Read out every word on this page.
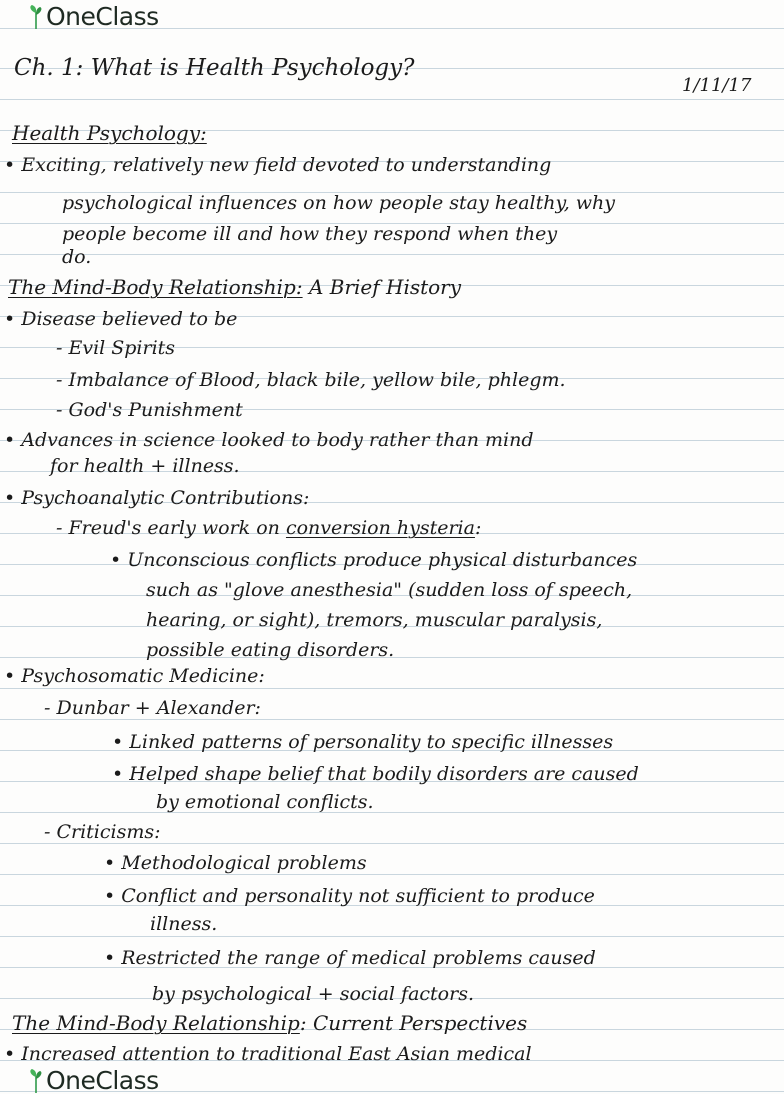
OneClass
Ch. 1: What is Health Psychology?
1/11/17
Health Psychology:
• Exciting, relatively new field devoted to understanding
psychological influences on how people stay healthy, why
people become ill and how they respond when they
do.
The Mind-Body Relationship: A Brief History
• Disease believed to be
- Evil Spirits
- Imbalance of Blood, black bile, yellow bile, phlegm.
- God's Punishment
• Advances in science looked to body rather than mind
for health + illness.
• Psychoanalytic Contributions:
- Freud's early work on conversion hysteria:
• Unconscious conflicts produce physical disturbances
such as "glove anesthesia" (sudden loss of speech,
hearing, or sight), tremors, muscular paralysis,
possible eating disorders.
• Psychosomatic Medicine:
- Dunbar + Alexander:
• Linked patterns of personality to specific illnesses
• Helped shape belief that bodily disorders are caused
by emotional conflicts.
- Criticisms:
• Methodological problems
• Conflict and personality not sufficient to produce
illness.
• Restricted the range of medical problems caused
by psychological + social factors.
The Mind-Body Relationship: Current Perspectives
• Increased attention to traditional East Asian medical
OneClass
